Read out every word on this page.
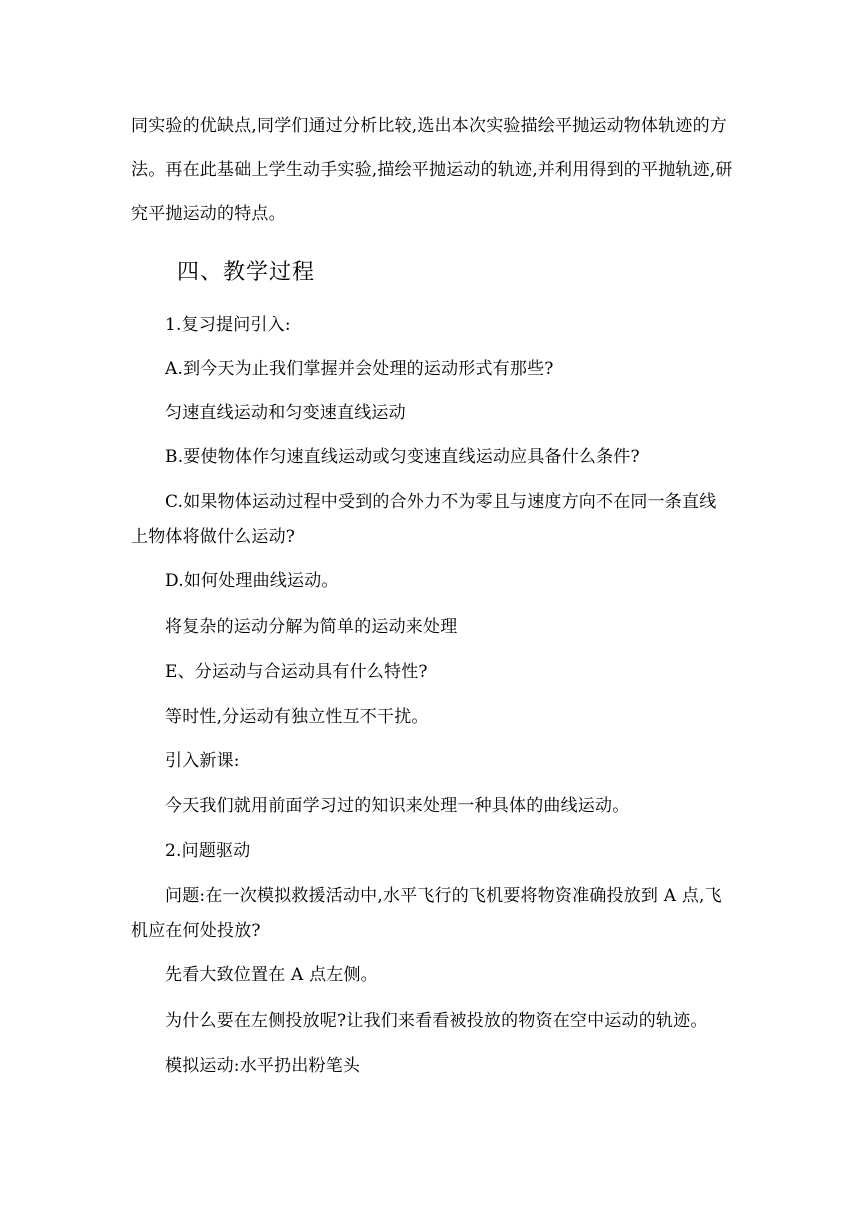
同实验的优缺点,同学们通过分析比较,选出本次实验描绘平抛运动物体轨迹的方
法。再在此基础上学生动手实验,描绘平抛运动的轨迹,并利用得到的平抛轨迹,研
究平抛运动的特点。
四、教学过程
1.复习提问引入:
A.到今天为止我们掌握并会处理的运动形式有那些?
匀速直线运动和匀变速直线运动
B.要使物体作匀速直线运动或匀变速直线运动应具备什么条件?
C.如果物体运动过程中受到的合外力不为零且与速度方向不在同一条直线
上物体将做什么运动?
D.如何处理曲线运动。
将复杂的运动分解为简单的运动来处理
E、分运动与合运动具有什么特性?
等时性,分运动有独立性互不干扰。
引入新课:
今天我们就用前面学习过的知识来处理一种具体的曲线运动。
2.问题驱动
问题:在一次模拟救援活动中,水平飞行的飞机要将物资准确投放到 A 点,飞
机应在何处投放?
先看大致位置在 A 点左侧。
为什么要在左侧投放呢?让我们来看看被投放的物资在空中运动的轨迹。
模拟运动:水平扔出粉笔头
